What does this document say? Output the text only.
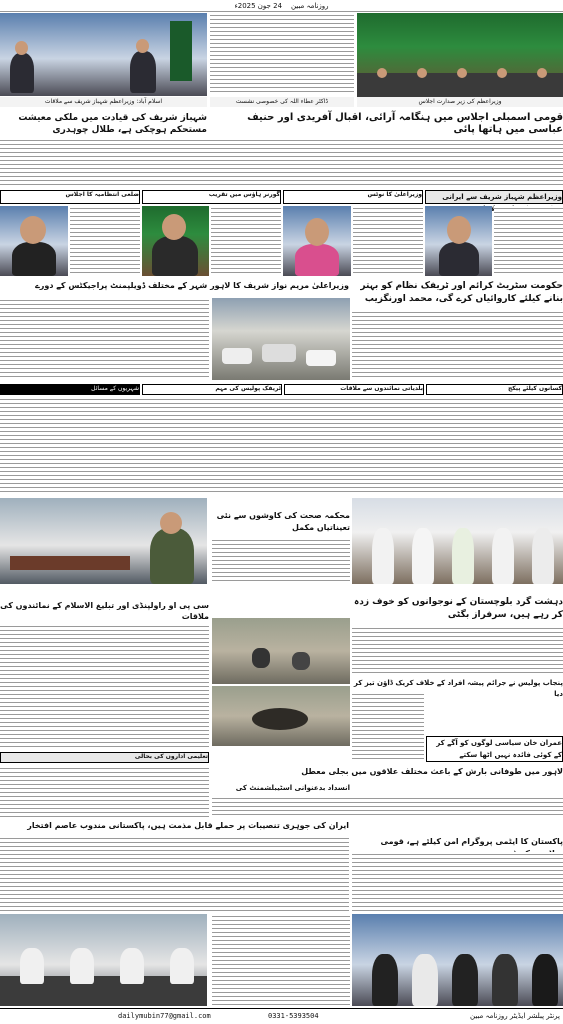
روزنامہ مبین    24 جون 2025ء
اسلام آباد: وزیراعظم شہباز شریف سے ملاقات	ڈاکٹر عطاء اللہ کی خصوصی نشست	وزیراعظم کی زیر صدارت اجلاس
قومی اسمبلی اجلاس میں ہنگامہ آرائی، اقبال آفریدی اور حنیف عباسی میں ہاتھا پائی
شہباز شریف کی قیادت میں ملکی معیشت مستحکم ہوچکی ہے، طلال چوہدری
وزیراعظم شہباز شریف سے ایرانی
وزیراعلیٰ کا نوٹس
گورنر ہاؤس میں تقریب
ضلعی انتظامیہ کا اجلاس
وزیراعلیٰ مریم نواز شریف کا لاہور شہر کے مختلف ڈویلپمنٹ پراجیکٹس کے دورے	حکومت سٹریٹ کرائم اور ٹریفک نظام کو بہتر بنانے کیلئے کاروائیاں کرے گی، محمد اورنگزیب
شہریوں کے مسائل	ٹریفک پولیس کی مہم	بلدیاتی نمائندوں سے ملاقات	کسانوں کیلئے پیکج
محکمہ صحت کی کاوشوں سے نئی تعیناتیاں مکمل
سی پی او راولپنڈی اور تبلیغ الاسلام کے نمائندوں کی ملاقات
دہشت گرد بلوچستان کے نوجوانوں کو خوف زدہ کر رہے ہیں، سرفراز بگٹی
پنجاب پولیس نے جرائم پیشہ افراد کے خلاف کریک ڈاؤن تیز کر دیا
عمران خان سیاسی لوگوں کو آگے کر کے کوئی فائدہ نہیں اٹھا سکتے
تعلیمی اداروں کی بحالی
لاہور میں طوفانی بارش کے باعث مختلف علاقوں میں بجلی معطل
ایران کی جوہری تنصیبات پر حملے قابل مذمت ہیں، پاکستانی مندوب عاصم افتخار
انسداد بدعنوانی اسٹیبلشمنٹ کی
پاکستان کا ایٹمی پروگرام امن کیلئے ہے، قومی
dailymubin77@gmail.com	0331-5393504	پرنٹر پبلشر ایڈیٹر روزنامہ مبین
